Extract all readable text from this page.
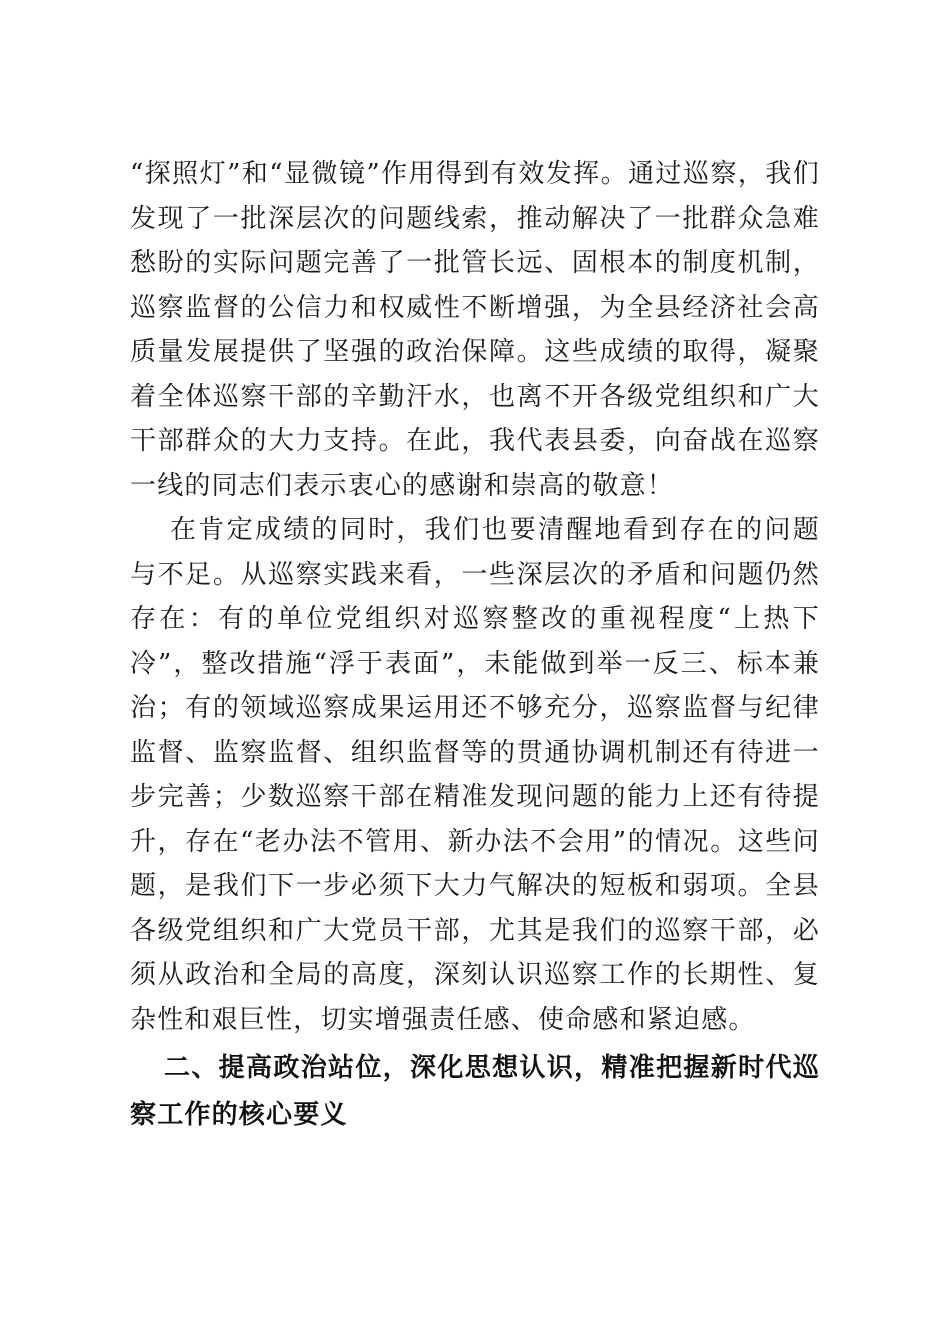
“探照灯”和“显微镜”作用得到有效发挥。通过巡察，我们发现了一批深层次的问题线索，推动解决了一批群众急难愁盼的实际问题完善了一批管长远、固根本的制度机制，巡察监督的公信力和权威性不断增强，为全县经济社会高质量发展提供了坚强的政治保障。这些成绩的取得，凝聚着全体巡察干部的辛勤汗水，也离不开各级党组织和广大干部群众的大力支持。在此，我代表县委，向奋战在巡察一线的同志们表示衷心的感谢和崇高的敬意！

在肯定成绩的同时，我们也要清醒地看到存在的问题与不足。从巡察实践来看，一些深层次的矛盾和问题仍然存在：有的单位党组织对巡察整改的重视程度“上热下冷”，整改措施“浮于表面”，未能做到举一反三、标本兼治；有的领域巡察成果运用还不够充分，巡察监督与纪律监督、监察监督、组织监督等的贯通协调机制还有待进一步完善；少数巡察干部在精准发现问题的能力上还有待提升，存在“老办法不管用、新办法不会用”的情况。这些问题，是我们下一步必须下大力气解决的短板和弱项。全县各级党组织和广大党员干部，尤其是我们的巡察干部，必须从政治和全局的高度，深刻认识巡察工作的长期性、复杂性和艰巨性，切实增强责任感、使命感和紧迫感。

二、提高政治站位，深化思想认识，精准把握新时代巡察工作的核心要义
